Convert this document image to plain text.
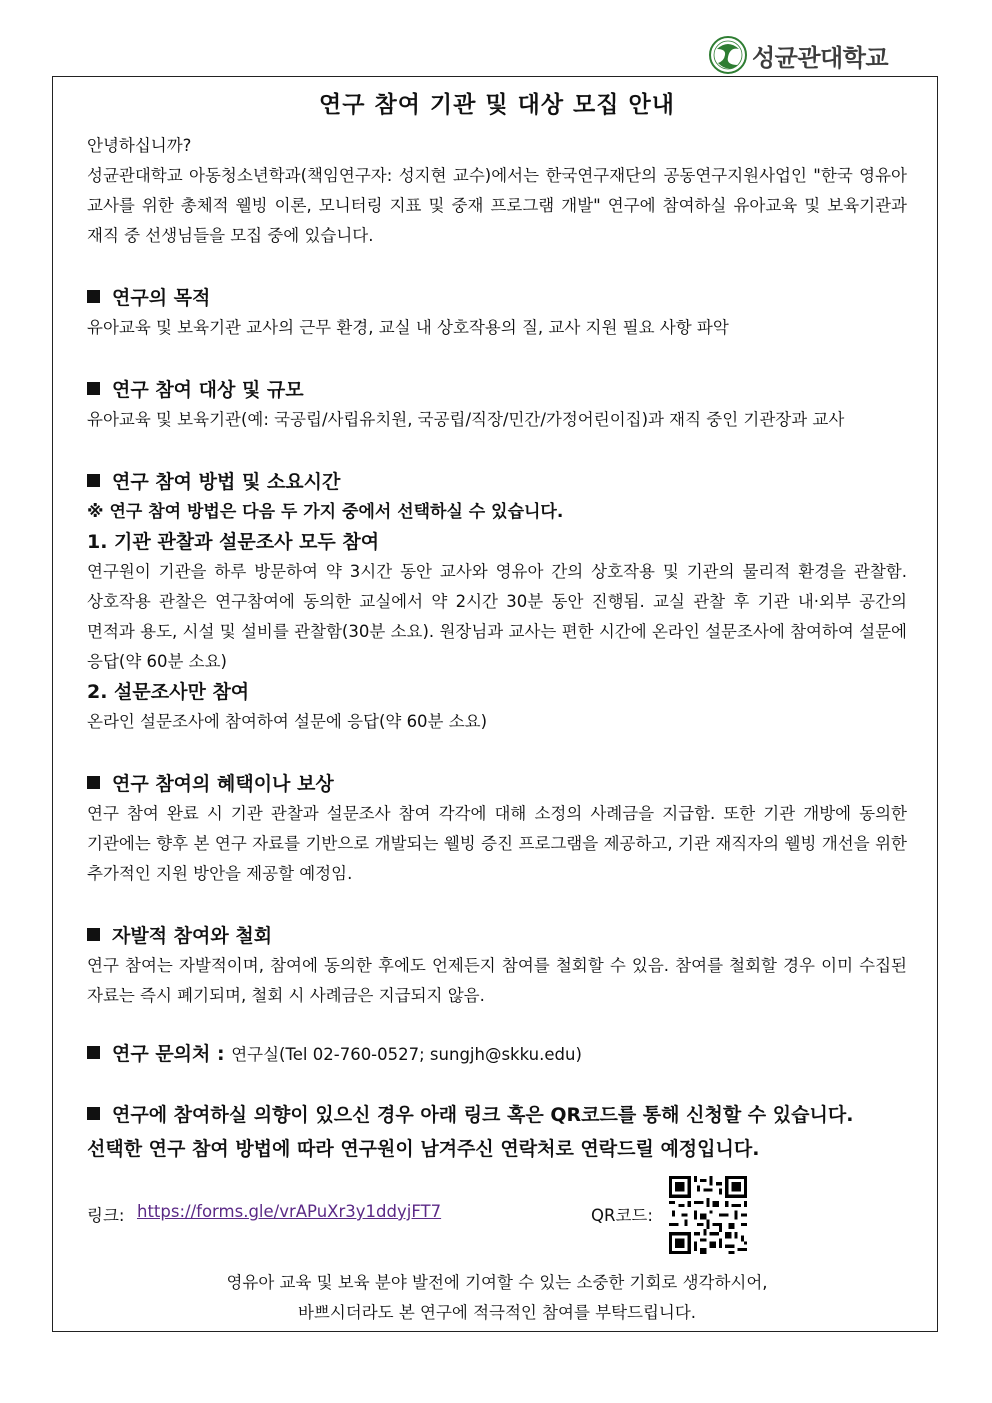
성균관대학교
연구 참여 기관 및 대상 모집 안내

안녕하십니까?

성균관대학교 아동청소년학과(책임연구자: 성지현 교수)에서는 한국연구재단의 공동연구지원사업인 "한국 영유아 교사를 위한 총체적 웰빙 이론, 모니터링 지표 및 중재 프로그램 개발" 연구에 참여하실 유아교육 및 보육기관과 재직 중 선생님들을 모집 중에 있습니다.

연구의 목적

유아교육 및 보육기관 교사의 근무 환경, 교실 내 상호작용의 질, 교사 지원 필요 사항 파악

연구 참여 대상 및 규모

유아교육 및 보육기관(예: 국공립/사립유치원, 국공립/직장/민간/가정어린이집)과 재직 중인 기관장과 교사

연구 참여 방법 및 소요시간

※ 연구 참여 방법은 다음 두 가지 중에서 선택하실 수 있습니다.

1. 기관 관찰과 설문조사 모두 참여

연구원이 기관을 하루 방문하여 약 3시간 동안 교사와 영유아 간의 상호작용 및 기관의 물리적 환경을 관찰함. 상호작용 관찰은 연구참여에 동의한 교실에서 약 2시간 30분 동안 진행됨. 교실 관찰 후 기관 내·외부 공간의 면적과 용도, 시설 및 설비를 관찰함(30분 소요). 원장님과 교사는 편한 시간에 온라인 설문조사에 참여하여 설문에 응답(약 60분 소요)

2. 설문조사만 참여

온라인 설문조사에 참여하여 설문에 응답(약 60분 소요)

연구 참여의 혜택이나 보상

연구 참여 완료 시 기관 관찰과 설문조사 참여 각각에 대해 소정의 사례금을 지급함. 또한 기관 개방에 동의한 기관에는 향후 본 연구 자료를 기반으로 개발되는 웰빙 증진 프로그램을 제공하고, 기관 재직자의 웰빙 개선을 위한 추가적인 지원 방안을 제공할 예정임.

자발적 참여와 철회

연구 참여는 자발적이며, 참여에 동의한 후에도 언제든지 참여를 철회할 수 있음. 참여를 철회할 경우 이미 수집된 자료는 즉시 폐기되며, 철회 시 사례금은 지급되지 않음.

연구 문의처 : 연구실(Tel 02-760-0527; sungjh@skku.edu)

연구에 참여하실 의향이 있으신 경우 아래 링크 혹은 QR코드를 통해 신청할 수 있습니다.

선택한 연구 참여 방법에 따라 연구원이 남겨주신 연락처로 연락드릴 예정입니다.

링크: https://forms.gle/vrAPuXr3y1ddyjFT7	QR코드:
영유아 교육 및 보육 분야 발전에 기여할 수 있는 소중한 기회로 생각하시어,
바쁘시더라도 본 연구에 적극적인 참여를 부탁드립니다.
